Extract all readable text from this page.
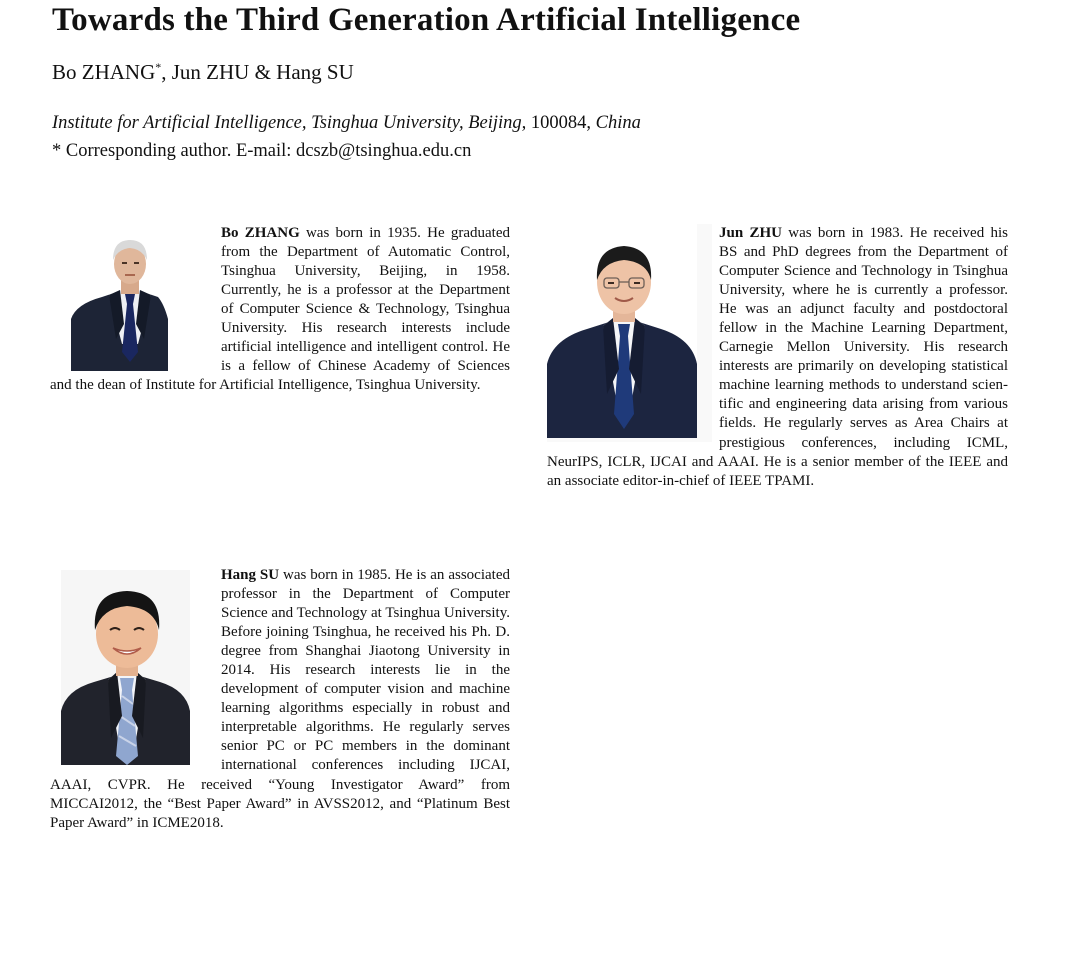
Towards the Third Generation Artificial Intelligence
Bo ZHANG*, Jun ZHU & Hang SU
Institute for Artificial Intelligence, Tsinghua University, Beijing, 100084, China
* Corresponding author. E-mail: dcszb@tsinghua.edu.cn
Bo ZHANG was born in 1935. He graduated from the Department of Automatic Control, Tsinghua University, Beijing, in 1958. Currently, he is a professor at the Department of Computer Science & Technology, Tsinghua University. His research interests include artificial intelligence and intelligent control. He is a fellow of Chinese Academy of Sciences and the dean of Institute for Artificial Intelligence, Tsinghua University.
Jun ZHU was born in 1983. He received his BS and PhD degrees from the Department of Computer Science and Technology in Tsinghua University, where he is currently a professor. He was an adjunct faculty and postdoctoral fellow in the Machine Learning Department, Carnegie Mellon University. His research interests are primarily on developing statistical machine learning methods to understand scientific and engineering data arising from various fields. He regularly serves as Area Chairs at prestigious conferences, including ICML, NeurIPS, ICLR, IJCAI and AAAI. He is a senior member of the IEEE and an associate editor-in-chief of IEEE TPAMI.
Hang SU was born in 1985. He is an associated professor in the Department of Computer Science and Technology at Tsinghua University. Before joining Tsinghua, he received his Ph. D. degree from Shanghai Jiaotong University in 2014. His research interests lie in the development of computer vision and machine learning algorithms especially in robust and interpretable algorithms. He regularly serves senior PC or PC members in the dominant international conferences including IJCAI, AAAI, CVPR. He received “Young Investigator Award” from MICCAI2012, the “Best Paper Award” in AVSS2012, and “Platinum Best Paper Award” in ICME2018.
